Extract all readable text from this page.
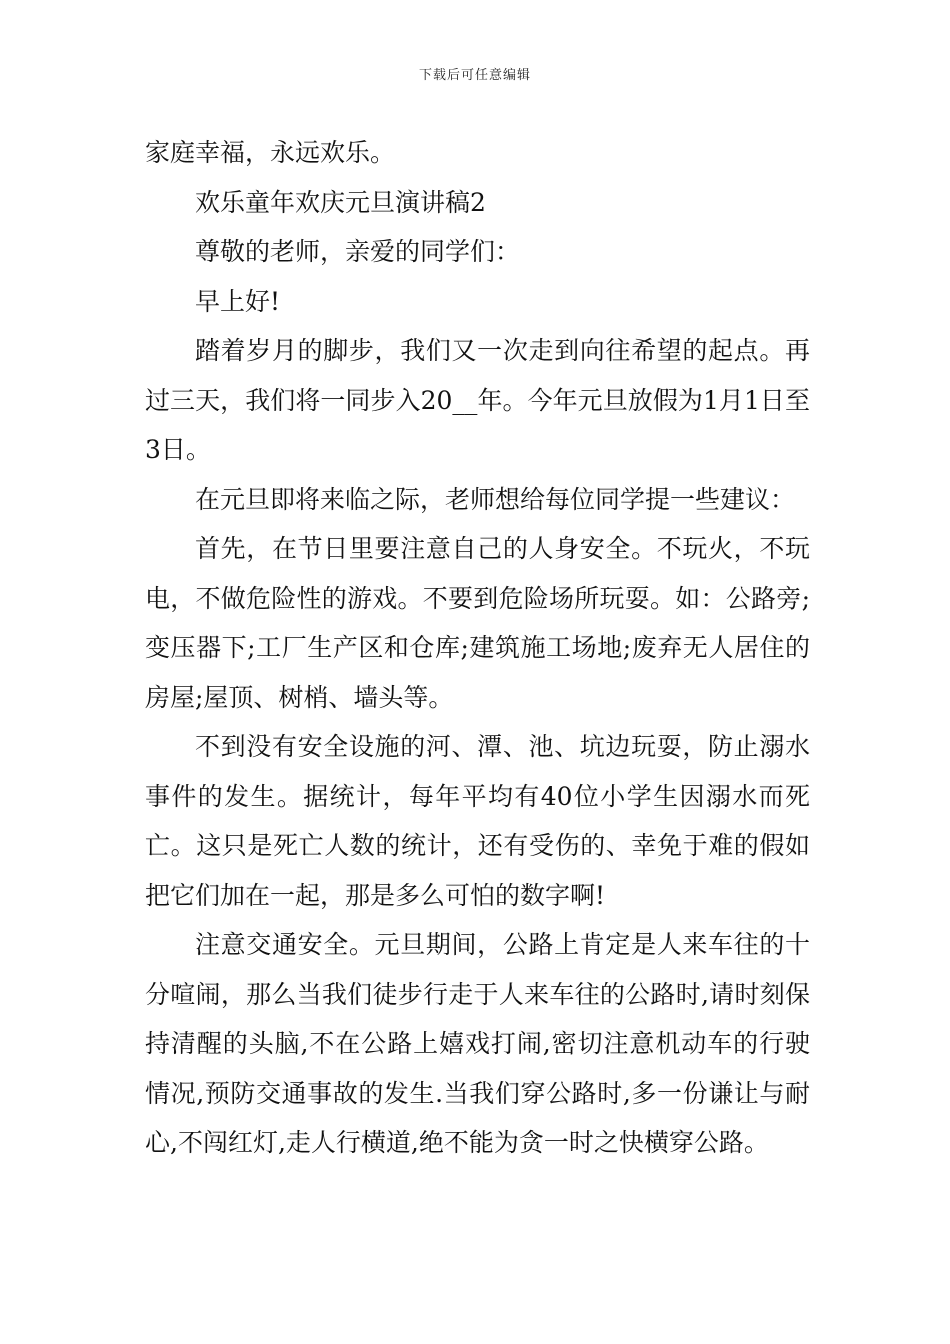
下载后可任意编辑

家庭幸福，永远欢乐。

欢乐童年欢庆元旦演讲稿2

尊敬的老师，亲爱的同学们：

早上好!

踏着岁月的脚步，我们又一次走到向往希望的起点。再过三天，我们将一同步入20__年。今年元旦放假为1月1日至3日。

在元旦即将来临之际，老师想给每位同学提一些建议：

首先，在节日里要注意自己的人身安全。不玩火，不玩电，不做危险性的游戏。不要到危险场所玩耍。如：公路旁;变压器下;工厂生产区和仓库;建筑施工场地;废弃无人居住的房屋;屋顶、树梢、墙头等。

不到没有安全设施的河、潭、池、坑边玩耍，防止溺水事件的发生。据统计，每年平均有40位小学生因溺水而死亡。这只是死亡人数的统计，还有受伤的、幸免于难的假如把它们加在一起，那是多么可怕的数字啊!

注意交通安全。元旦期间，公路上肯定是人来车往的十分喧闹，那么当我们徒步行走于人来车往的公路时,请时刻保持清醒的头脑,不在公路上嬉戏打闹,密切注意机动车的行驶情况,预防交通事故的发生.当我们穿公路时,多一份谦让与耐心,不闯红灯,走人行横道,绝不能为贪一时之快横穿公路。
